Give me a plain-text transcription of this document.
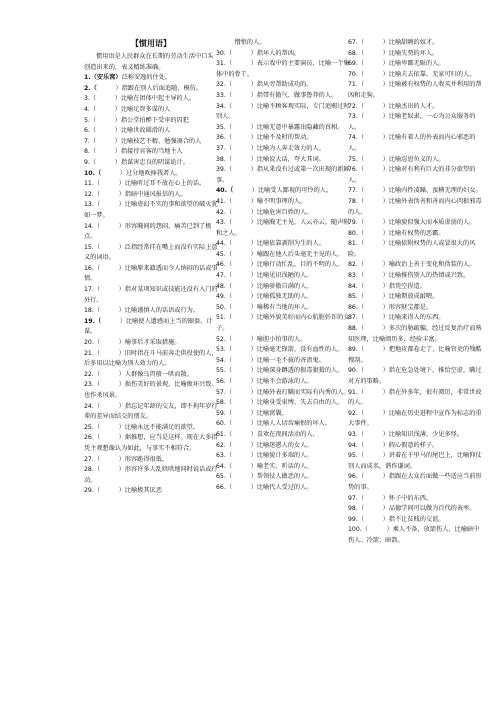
【惯用语】

惯用语是人民群众在长期的劳动生活中口头创造出来的，表义精练准确。

1.（安乐窝）泛称安逸的住处。

2.（　　　）指跟在别人后面追随、模仿。

3.（　　　）比喻在团体中起主导的人。

4.（　　　）比喻足智多谋的人

5.（　　　）指公堂拍醉下受审的囚犯

6.（　　　）比喻世故圆滑的人

7.（　　　）比喻枝艺不精、勉强凑合的人

8.（　　　）指接待宾客的当地主人

9.（　　　）指谋害忠良的阴谋诡计。

10.（　　　）过分地吹捧我者人。

11.（　　　）比喻听过耳不放在心上的话。

12.（　　　）指暗中通风报信的人。

13.（　　　）比喻虚幻不实的事和欲望的破灭犹如一梦。

14.（　　　）形容胸间的怨闷，痛苦已到了极点。

15.（　　　）泛指经常挂在嘴上而没有实际上意义的词语。

16.（　　　）比喻原来籍透而令人纳闷的话或事情。

17.（　　　）指对某项知识或技能还没有入门的外行。

18.（　　　）比喻谨慎人的话语或行为。

19.（　　　）比喻使人遗感而上当的圈套、计谋。

20.（　　　）喻事后才采取措施。

21.（　　　）旧时指在斗马前奔走供役使的人，后多用以比喻为别人效力的人。

22.（　　　）人群像乌兽般一哄而散。

23.（　　　）损伤美好的景观，比喻败坏兴致。也作杀风景。

24.（　　　）指忘记年龄的交友，即不拘年岁行辈的差异而结交的朋友。

25.（　　　）比喻永远不能满足的欲望。

26.（　　　）据推想，应当是这样。现在大多指凭主观想像认为如此，与事实不相符合。

27.（　　　）形容跪得很低。

28.（　　　）形容许多人乱哄哄地同时说话或行动。

29.（　　　）比喻极其厌恶

　　　憎恨的人。

30.（　　　）指坏人的帮凶。

31.（　　　）表示戏中的主要演员，比喻一个集体中的骨干。

32.（　　　）指从旁帮助成功的。

33.（　　　）指带有傲气、做事鲁莽的人。

34.（　　　）比喻不顾客观实际，专门追赐过时别人。

35.（　　　）比喻无意中暴露出隐藏的真相。

36.（　　　）比喻不及时的帮动。

37.（　　　）比喻为人奔走效力的人。

38.（　　　）比喻说大话，夸大其词。

39.（　　　）指从来没有过或第一次出现的新鲜事。

40.（　　　）比喻受人鄙视的可怜的人。

41.（　　　）喻不明事理的人。

42.（　　　）比喻危害百姓的人。

43.（　　　）比喻胸无主见，人云亦云，随声附和之人。

44.（　　　）比喻依靠剥削为生的人。

45.（　　　）喻跟在他人后头毫无主见的人。

46.（　　　）比喻行动忙乱，目的不明的人。

47.（　　　）比喻见识浅陋的人。

48.（　　　）比喻骄傲自满的人。

49.（　　　）比喻孤独无助的人。

50.（　　　）喻稀有当地的坏人。

51.（　　　）比喻外貌美好而内心肮脏奸诈的女子。

52.（　　　）喻胆小怕事的人。

53.（　　　）比喻毫无锋箭、没有血性的人。

54.（　　　）比喻一毛不拔的吝啬鬼。

55.（　　　）比喻深身蹲透的狠毒狠猾的人。

56.（　　　）比喻不会游泳的人。

57.（　　　）比喻外表打瞒而实际有内秀的人。

58.（　　　）比喻身受束缚、失去自由的人。

59.（　　　）比喻窝囊。

60.（　　　）比喻人人切齿痛恨的坏人。

61.（　　　）喜欢在夜间活动的人。

62.（　　　）比喻迷惑人的女人。

63.（　　　）比喻貌计多端的人。

64.（　　　）喻老实、听话的人。

65.（　　　）帮领仗人做恶的人。

66.（　　　）比喻代人受过的人。

67.（　　　）比喻甜嗨的奴才。

68.（　　　）比喻失势的坏人。

69.（　　　）比喻卑鄙无耻的人。

70.（　　　）比喻夫去依靠、无家可归的人。

71.（　　　）比喻被有权势的人收买并利用的帮凶和走狗。

72.（　　　）比喻杰出的人才。

73.（　　　）比喻老奴隶，一心为公众服务的人。

74.（　　　）比喻有着人的外表而内心邪恶的人。

75.（　　　）比喻忍恩负义的人。

76.（　　　）比喻对有利有巨大的非分欲望的人。

77.（　　　）比喻内性凌躁、蛮横无理的妇女。

78.（　　　）比喻外表伪善和善而内心肉狠邪毒的人。

79.（　　　）比喻貌似强大而本质虚弱的人。

80.（　　　）比喻有权势的恶霸。

81.（　　　）比喻依附权势的人或冒很大的风险。

82.（　　　）喻政治上善于变化和伪装的人。

83.（　　　）比喻推伤别人的热情或兴致。

84.（　　　）指凭空捏造。

85.（　　　）比喻期放成敲喂。

86.（　　　）形容财宝都是。

87.（　　　）比喻来得人的东西。

88.（　　　）多次的胁敲骗，经过反复治疗而熟知医理，比喻阅历多，经验丰富。

89.（　　　）把地皮都卷走了，比喻官吏的残酷搜刮。

90.（　　　）指在危急处境下，推恰空虚，瞒过对方的策略。

91.（　　　）指在外多年，很有阅历，非常世故的人。

92.（　　　）比喻在历史进程中宣作为标志的重大事件。

93.（　　　）比喻知识浅薄、少见多怪。

94.（　　　）假心假意的样子。

95.（　　　）讲着在千里马的尾巴上，比喻仰仗别人而成名，谐作谦词。

96.（　　　）指跟在大众后面做一些适应当前形势的事。

97.（　　　）怀子中的东西。

98.（　　　）品德学问可以做为百代的表率。

99.（　　　）指不让贫贱的交谊。

100.（　　　）乘人不备，放箭伤人，比喻暗中伤人。冷箭；暗箭。
